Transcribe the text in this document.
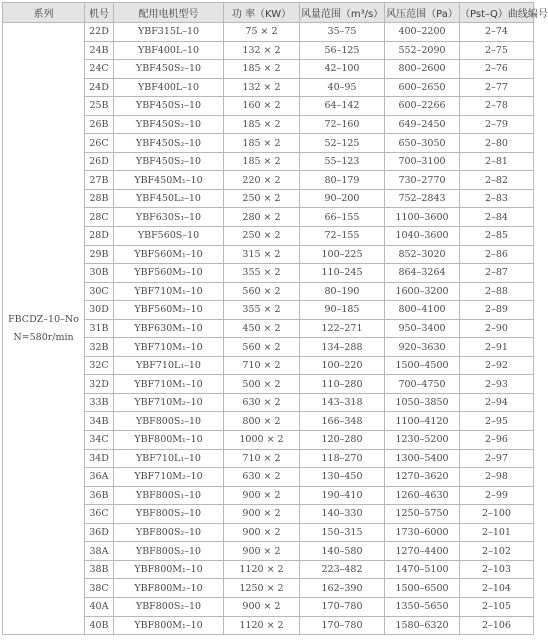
系列	机号	配用电机型号	功 率（KW）	风量范围（m³/s）	风压范围（Pa）	（Pst–Q）曲线编号

FBCDZ–10–No
N=580r/min	22D	YBF315L–10	75 × 2	35–75	400–2200	2–74
	24B	YBF400L–10	132 × 2	56–125	552–2090	2–75
	24C	YBF450S₂–10	185 × 2	42–100	800–2600	2–76
	24D	YBF400L–10	132 × 2	40–95	600–2650	2–77
	25B	YBF450S₁–10	160 × 2	64–142	600–2266	2–78
	26B	YBF450S₂–10	185 × 2	72–160	649–2450	2–79
	26C	YBF450S₂–10	185 × 2	52–125	650–3050	2–80
	26D	YBF450S₂–10	185 × 2	55–123	700–3100	2–81
	27B	YBF450M₁–10	220 × 2	80–179	730–2770	2–82
	28B	YBF450L₂–10	250 × 2	90–200	752–2843	2–83
	28C	YBF630S₁–10	280 × 2	66–155	1100–3600	2–84
	28D	YBF560S–10	250 × 2	72–155	1040–3600	2–85
	29B	YBF560M₁–10	315 × 2	100–225	852–3020	2–86
	30B	YBF560M₂–10	355 × 2	110–245	864–3264	2–87
	30C	YBF710M₁–10	560 × 2	80–190	1600–3200	2–88
	30D	YBF560M₂–10	355 × 2	90–185	800–4100	2–89
	31B	YBF630M₁–10	450 × 2	122–271	950–3400	2–90
	32B	YBF710M₁–10	560 × 2	134–288	920–3630	2–91
	32C	YBF710L₁–10	710 × 2	100–220	1500–4500	2–92
	32D	YBF710M₁–10	500 × 2	110–280	700–4750	2–93
	33B	YBF710M₂–10	630 × 2	143–318	1050–3850	2–94
	34B	YBF800S₂–10	800 × 2	166–348	1100–4120	2–95
	34C	YBF800M₁–10	1000 × 2	120–280	1230–5200	2–96
	34D	YBF710L₁–10	710 × 2	118–270	1300–5400	2–97
	36A	YBF710M₂–10	630 × 2	130–450	1270–3620	2–98
	36B	YBF800S₁–10	900 × 2	190–410	1260–4630	2–99
	36C	YBF800S₂–10	900 × 2	140–330	1250–5750	2–100
	36D	YBF800S₂–10	900 × 2	150–315	1730–6000	2–101
	38A	YBF800S₂–10	900 × 2	140–580	1270–4400	2–102
	38B	YBF800M₁–10	1120 × 2	223–482	1470–5100	2–103
	38C	YBF800M₂–10	1250 × 2	162–390	1500–6500	2–104
	40A	YBF800S₂–10	900 × 2	170–780	1350–5650	2–105
	40B	YBF800M₁–10	1120 × 2	170–780	1580–6320	2–106
